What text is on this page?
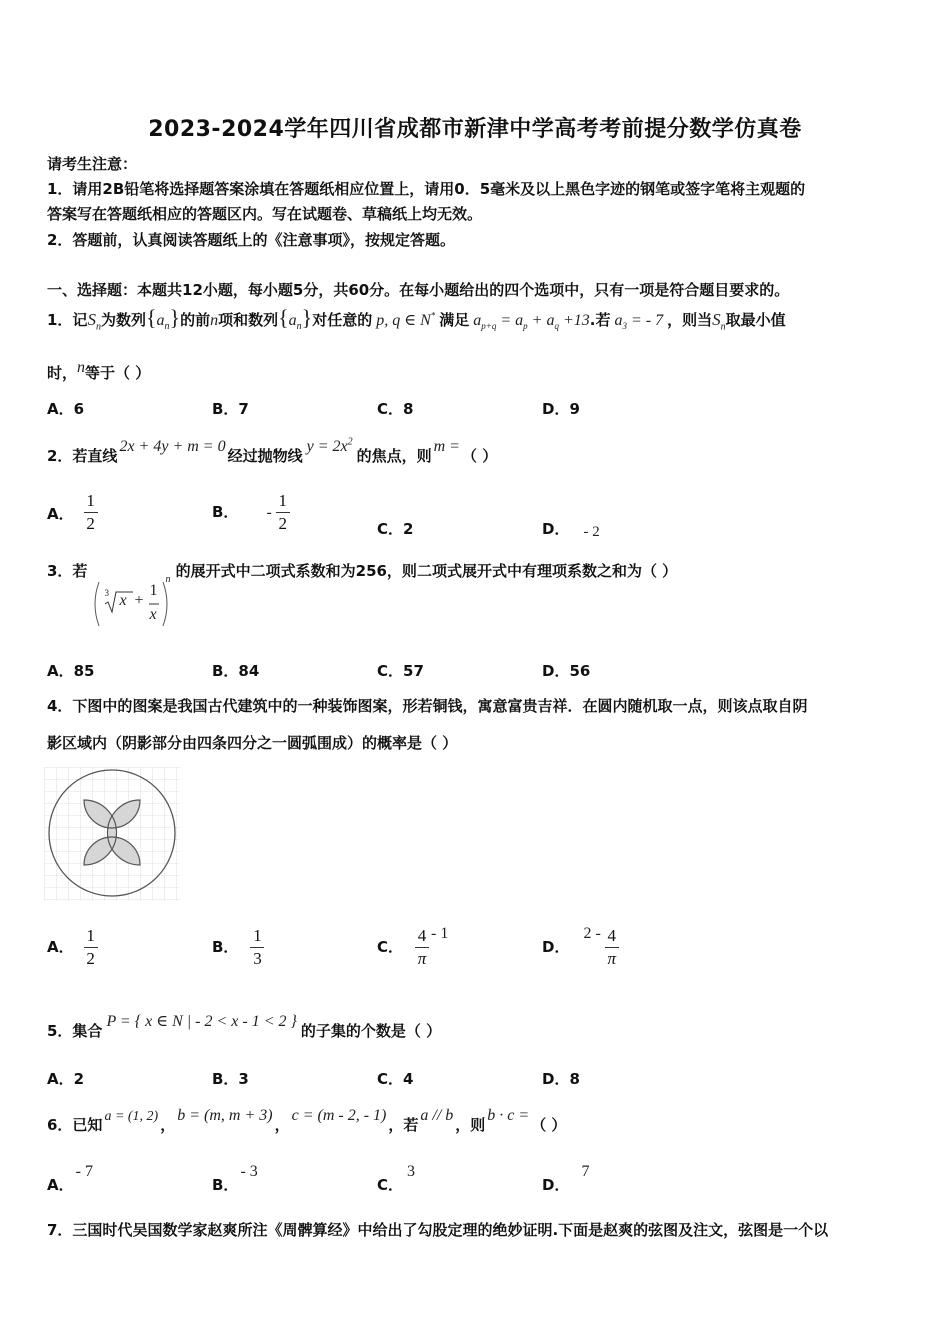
2023-2024学年四川省成都市新津中学高考考前提分数学仿真卷
请考生注意：
1．请用2B铅笔将选择题答案涂填在答题纸相应位置上，请用0．5毫米及以上黑色字迹的钢笔或签字笔将主观题的
答案写在答题纸相应的答题区内。写在试题卷、草稿纸上均无效。
2．答题前，认真阅读答题纸上的《注意事项》，按规定答题。
一、选择题：本题共12小题，每小题5分，共60分。在每小题给出的四个选项中，只有一项是符合题目要求的。
1．记$S_n$为数列$\{a_n\}$的前n项和数列$\{a_n\}$对任意的 p, q ∈ N* 满足 $a_{p+q} = a_p + a_q +13$.若 $a_3$ = - 7 ，则当$S_n$取最小值
时，n等于（ ）
A．6	B．7	C．8	D．9
2．若直线2x + 4y + m = 0经过抛物线$y = 2x^2$的焦点，则m =（ ）
A． $\frac{1}{2}$	B． - $\frac{1}{2}$	C．2	D． - 2
3．若
3 x +
1
x
n 的展开式中二项式系数和为256，则二项式展开式中有理项系数之和为（ ）
A．85	B．84	C．57	D．56
4．下图中的图案是我国古代建筑中的一种装饰图案，形若铜钱，寓意富贵吉祥．在圆内随机取一点，则该点取自阴
影区域内（阴影部分由四条四分之一圆弧围成）的概率是（ ）
A． $\frac{1}{2}$	B． $\frac{1}{3}$	C． $\frac{4}{\pi} - 1$
D．$2 - \frac{4}{\pi}$
5．集合P = { x ∈ N | - 2 < x - 1 < 2 }的子集的个数是（ ）
A．2	B．3	C．4	D．8
6．已知 a = (1, 2) ，b = (m, m + 3)，c = (m - 2, - 1)，若a // b，则b · c =（ ）
A．- 7
B．- 3
C．3
D．7
7．三国时代吴国数学家赵爽所注《周髀算经》中给出了勾股定理的绝妙证明.下面是赵爽的弦图及注文，弦图是一个以
